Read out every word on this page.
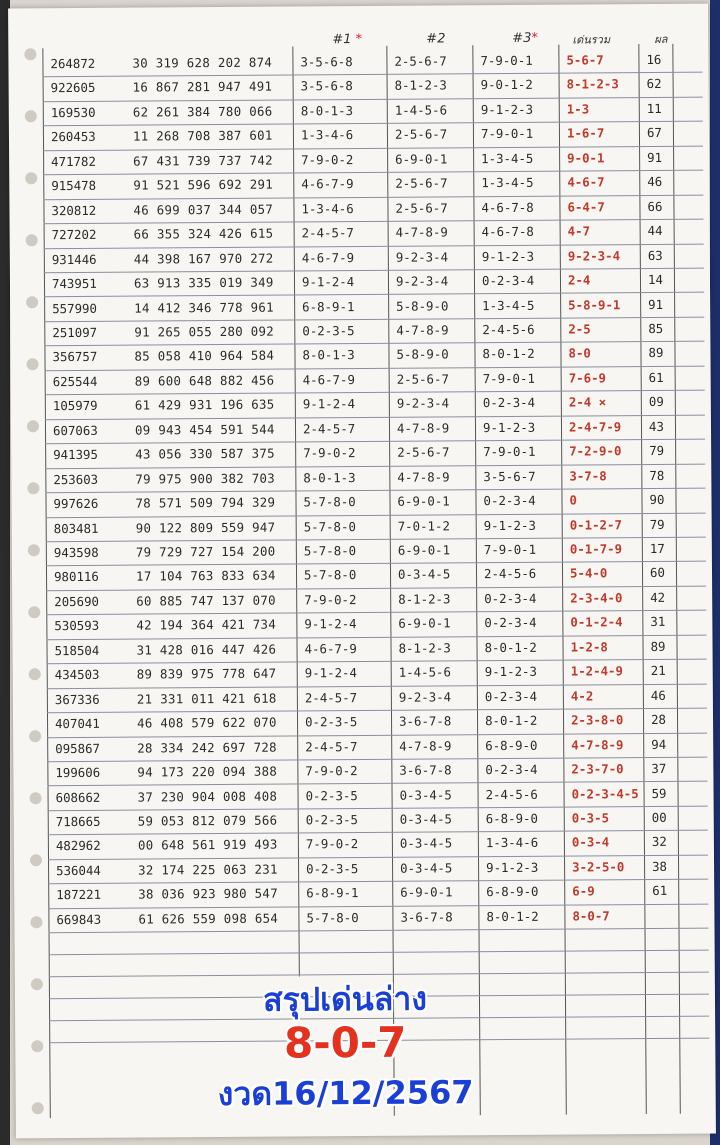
#1 *	#2	#3*	เด่นรวม	ผล
264872	30 319 628 202 874 3-5-6-8	2-5-6-7	7-9-0-1	5-6-7	16
922605	16 867 281 947 491 3-5-6-8	8-1-2-3	9-0-1-2	8-1-2-3 62
169530	62 261 384 780 066 8-0-1-3	1-4-5-6	9-1-2-3	1-3	11
260453	11 268 708 387 601 1-3-4-6	2-5-6-7	7-9-0-1	1-6-7	67
471782	67 431 739 737 742 7-9-0-2	6-9-0-1	1-3-4-5	9-0-1	91
915478	91 521 596 692 291 4-6-7-9	2-5-6-7	1-3-4-5	4-6-7	46
320812	46 699 037 344 057 1-3-4-6	2-5-6-7	4-6-7-8	6-4-7	66
727202	66 355 324 426 615 2-4-5-7	4-7-8-9	4-6-7-8	4-7	44
931446	44 398 167 970 272 4-6-7-9	9-2-3-4	9-1-2-3	9-2-3-4 63
743951	63 913 335 019 349 9-1-2-4	9-2-3-4	0-2-3-4	2-4	14
557990	14 412 346 778 961 6-8-9-1	5-8-9-0	1-3-4-5	5-8-9-1 91
251097	91 265 055 280 092 0-2-3-5	4-7-8-9	2-4-5-6	2-5	85
356757	85 058 410 964 584 8-0-1-3	5-8-9-0	8-0-1-2	8-0	89
625544	89 600 648 882 456 4-6-7-9	2-5-6-7	7-9-0-1	7-6-9	61
105979	61 429 931 196 635 9-1-2-4	9-2-3-4	0-2-3-4	2-4 ×	09
607063	09 943 454 591 544 2-4-5-7	4-7-8-9	9-1-2-3	2-4-7-9 43
941395	43 056 330 587 375 7-9-0-2	2-5-6-7	7-9-0-1	7-2-9-0 79
253603	79 975 900 382 703 8-0-1-3	4-7-8-9	3-5-6-7	3-7-8	78
997626	78 571 509 794 329 5-7-8-0	6-9-0-1	0-2-3-4	0	90
803481	90 122 809 559 947 5-7-8-0	7-0-1-2	9-1-2-3	0-1-2-7 79
943598	79 729 727 154 200 5-7-8-0	6-9-0-1	7-9-0-1	0-1-7-9 17
980116	17 104 763 833 634 5-7-8-0	0-3-4-5	2-4-5-6	5-4-0	60
205690	60 885 747 137 070 7-9-0-2	8-1-2-3	0-2-3-4	2-3-4-0 42
530593	42 194 364 421 734 9-1-2-4	6-9-0-1	0-2-3-4	0-1-2-4 31
518504	31 428 016 447 426 4-6-7-9	8-1-2-3	8-0-1-2	1-2-8	89
434503	89 839 975 778 647 9-1-2-4	1-4-5-6	9-1-2-3	1-2-4-9 21
367336	21 331 011 421 618 2-4-5-7	9-2-3-4	0-2-3-4	4-2	46
407041	46 408 579 622 070 0-2-3-5	3-6-7-8	8-0-1-2	2-3-8-0 28
095867	28 334 242 697 728 2-4-5-7	4-7-8-9	6-8-9-0	4-7-8-9 94
199606	94 173 220 094 388 7-9-0-2	3-6-7-8	0-2-3-4	2-3-7-0 37
608662	37 230 904 008 408 0-2-3-5	0-3-4-5	2-4-5-6	0-2-3-4-5 59
718665	59 053 812 079 566 0-2-3-5	0-3-4-5	6-8-9-0	0-3-5	00
482962	00 648 561 919 493 7-9-0-2	0-3-4-5	1-3-4-6	0-3-4	32
536044	32 174 225 063 231 0-2-3-5	0-3-4-5	9-1-2-3	3-2-5-0 38
187221	38 036 923 980 547 6-8-9-1	6-9-0-1	6-8-9-0	6-9	61
669843	61 626 559 098 654 5-7-8-0	3-6-7-8	8-0-1-2	8-0-7
สรุปเด่นล่าง
8-0-7
งวด16/12/2567
